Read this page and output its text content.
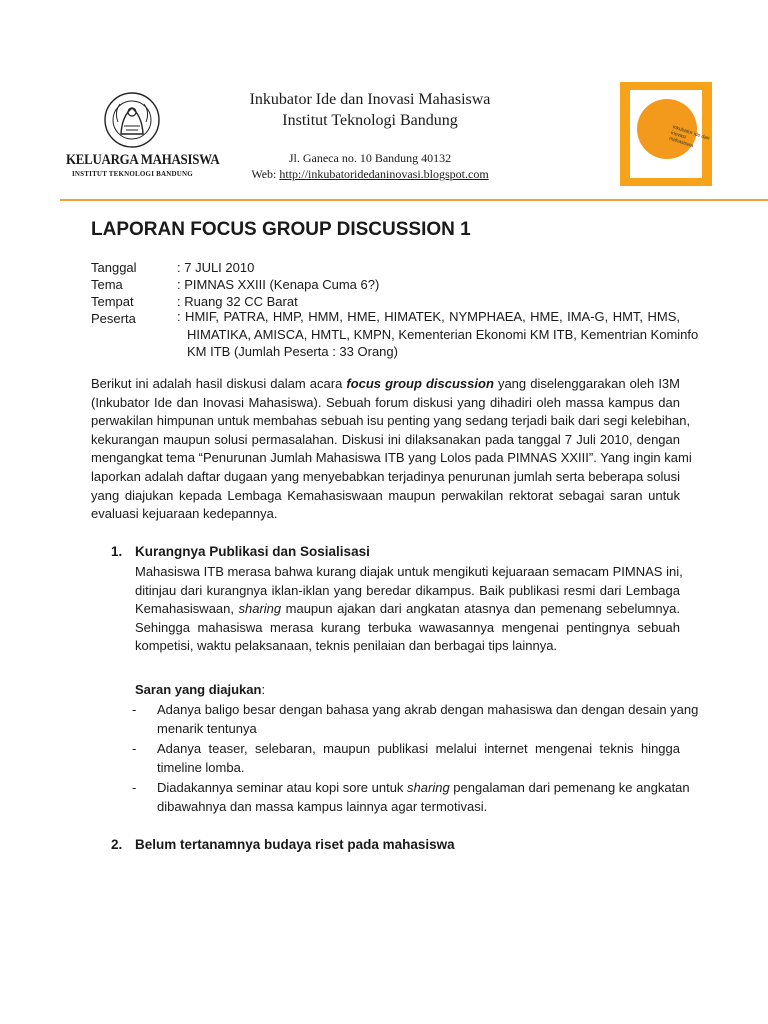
KELUARGA MAHASISWA
INSTITUT TEKNOLOGI BANDUNG
Inkubator Ide dan Inovasi Mahasiswa
Institut Teknologi Bandung
Jl. Ganeca no. 10 Bandung 40132
Web: http://inkubatoridedaninovasi.blogspot.com
inkubator ide dan inovasi mahasiswa
LAPORAN FOCUS GROUP DISCUSSION 1
Tanggal	: 7 JULI 2010
Tema	: PIMNAS XXIII (Kenapa Cuma 6?)
Tempat	: Ruang 32 CC Barat
Peserta	: HMIF, PATRA, HMP, HMM, HME, HIMATEK, NYMPHAEA, HME, IMA-G, HMT, HMS,
HIMATIKA, AMISCA, HMTL, KMPN, Kementerian Ekonomi KM ITB, Kementrian Kominfo
KM ITB (Jumlah Peserta : 33 Orang)
Berikut ini adalah hasil diskusi dalam acara focus group discussion yang diselenggarakan oleh I3M
(Inkubator Ide dan Inovasi Mahasiswa). Sebuah forum diskusi yang dihadiri oleh massa kampus dan
perwakilan himpunan untuk membahas sebuah isu penting yang sedang terjadi baik dari segi kelebihan,
kekurangan maupun solusi permasalahan. Diskusi ini dilaksanakan pada tanggal 7 Juli 2010, dengan
mengangkat tema “Penurunan Jumlah Mahasiswa ITB yang Lolos pada PIMNAS XXIII”. Yang ingin kami
laporkan adalah daftar dugaan yang menyebabkan terjadinya penurunan jumlah serta beberapa solusi
yang diajukan kepada Lembaga Kemahasiswaan maupun perwakilan rektorat sebagai saran untuk
evaluasi kejuaraan kedepannya.
1. Kurangnya Publikasi dan Sosialisasi
Mahasiswa ITB merasa bahwa kurang diajak untuk mengikuti kejuaraan semacam PIMNAS ini,
ditinjau dari kurangnya iklan-iklan yang beredar dikampus. Baik publikasi resmi dari Lembaga
Kemahasiswaan, sharing maupun ajakan dari angkatan atasnya dan pemenang sebelumnya.
Sehingga mahasiswa merasa kurang terbuka wawasannya mengenai pentingnya sebuah
kompetisi, waktu pelaksanaan, teknis penilaian dan berbagai tips lainnya.
Saran yang diajukan:
- Adanya baligo besar dengan bahasa yang akrab dengan mahasiswa dan dengan desain yang
menarik tentunya
- Adanya teaser, selebaran, maupun publikasi melalui internet mengenai teknis hingga
timeline lomba.
- Diadakannya seminar atau kopi sore untuk sharing pengalaman dari pemenang ke angkatan
dibawahnya dan massa kampus lainnya agar termotivasi.
2. Belum tertanamnya budaya riset pada mahasiswa
